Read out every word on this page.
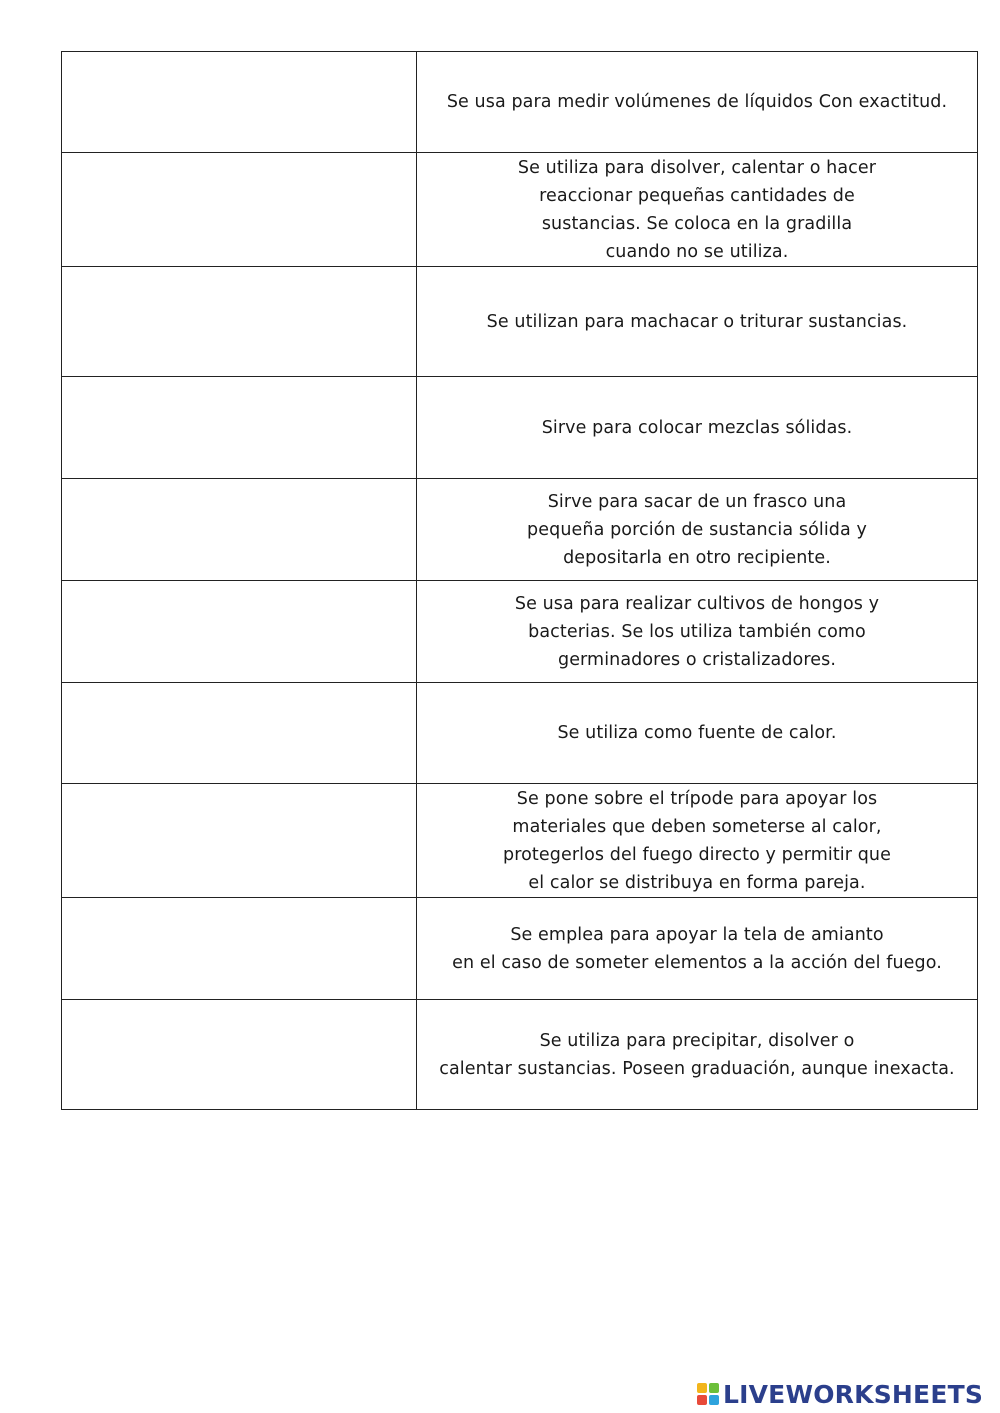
	Se usa para medir volúmenes de líquidos Con exactitud.

	Se utiliza para disolver, calentar o hacer
reaccionar pequeñas cantidades de
sustancias. Se coloca en la gradilla
cuando no se utiliza.

	Se utilizan para machacar o triturar sustancias.

	Sirve para colocar mezclas sólidas.

	Sirve para sacar de un frasco una
pequeña porción de sustancia sólida y
depositarla en otro recipiente.

	Se usa para realizar cultivos de hongos y
bacterias. Se los utiliza también como
germinadores o cristalizadores.

	Se utiliza como fuente de calor.

	Se pone sobre el trípode para apoyar los
materiales que deben someterse al calor,
protegerlos del fuego directo y permitir que
el calor se distribuya en forma pareja.

	Se emplea para apoyar la tela de amianto
en el caso de someter elementos a la acción del fuego.

	Se utiliza para precipitar, disolver o
calentar sustancias. Poseen graduación, aunque inexacta.
LIVEWORKSHEETS
